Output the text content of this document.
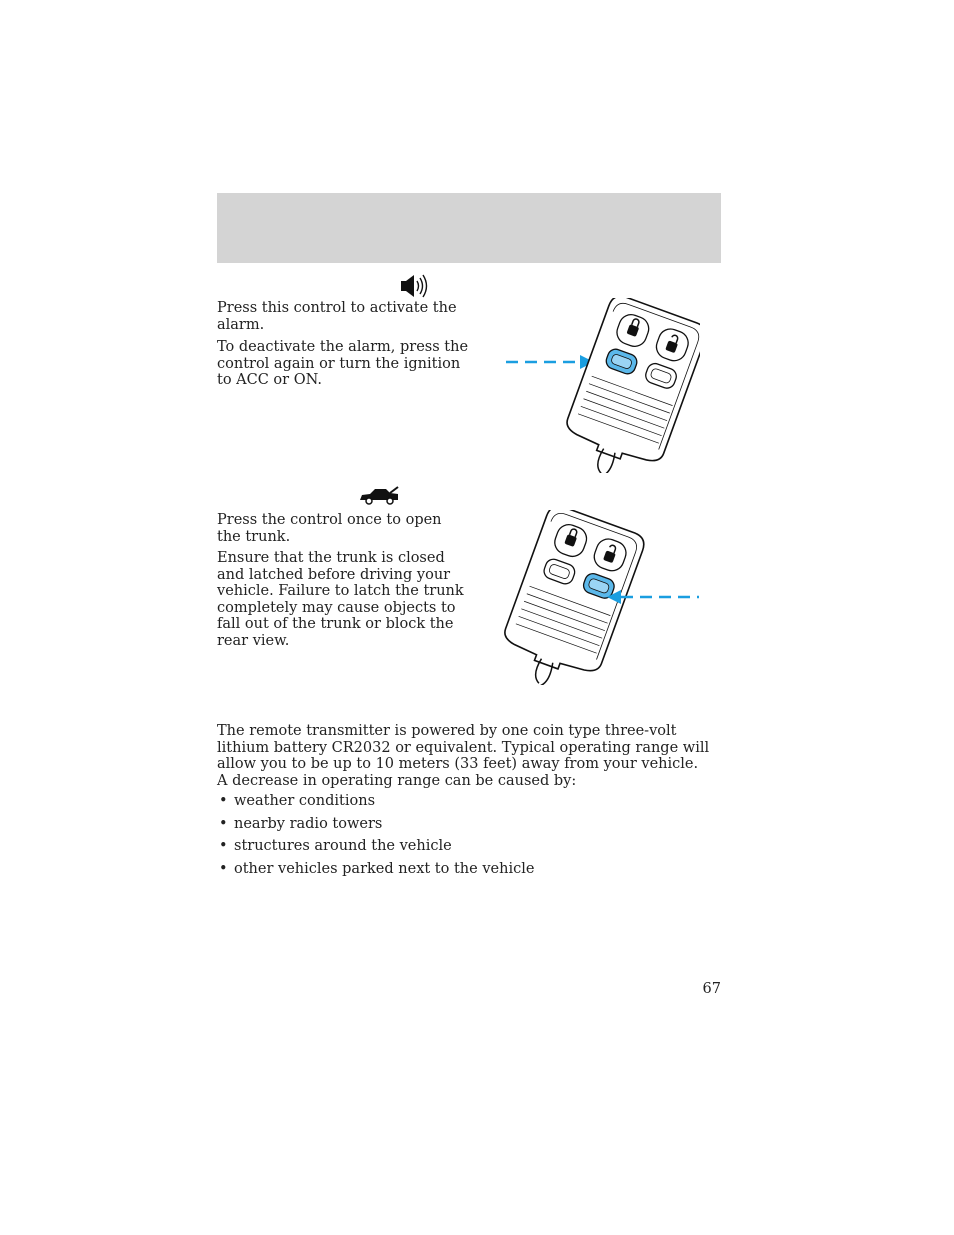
Press this control to activate the alarm.

To deactivate the alarm, press the control again or turn the ignition to ACC or ON.

Press the control once to open the trunk.

Ensure that the trunk is closed and latched before driving your vehicle. Failure to latch the trunk completely may cause objects to fall out of the trunk or block the rear view.

The remote transmitter is powered by one coin type three-volt lithium battery CR2032 or equivalent. Typical operating range will allow you to be up to 10 meters (33 feet) away from your vehicle. A decrease in operating range can be caused by:

• weather conditions
• nearby radio towers
• structures around the vehicle
• other vehicles parked next to the vehicle
67
